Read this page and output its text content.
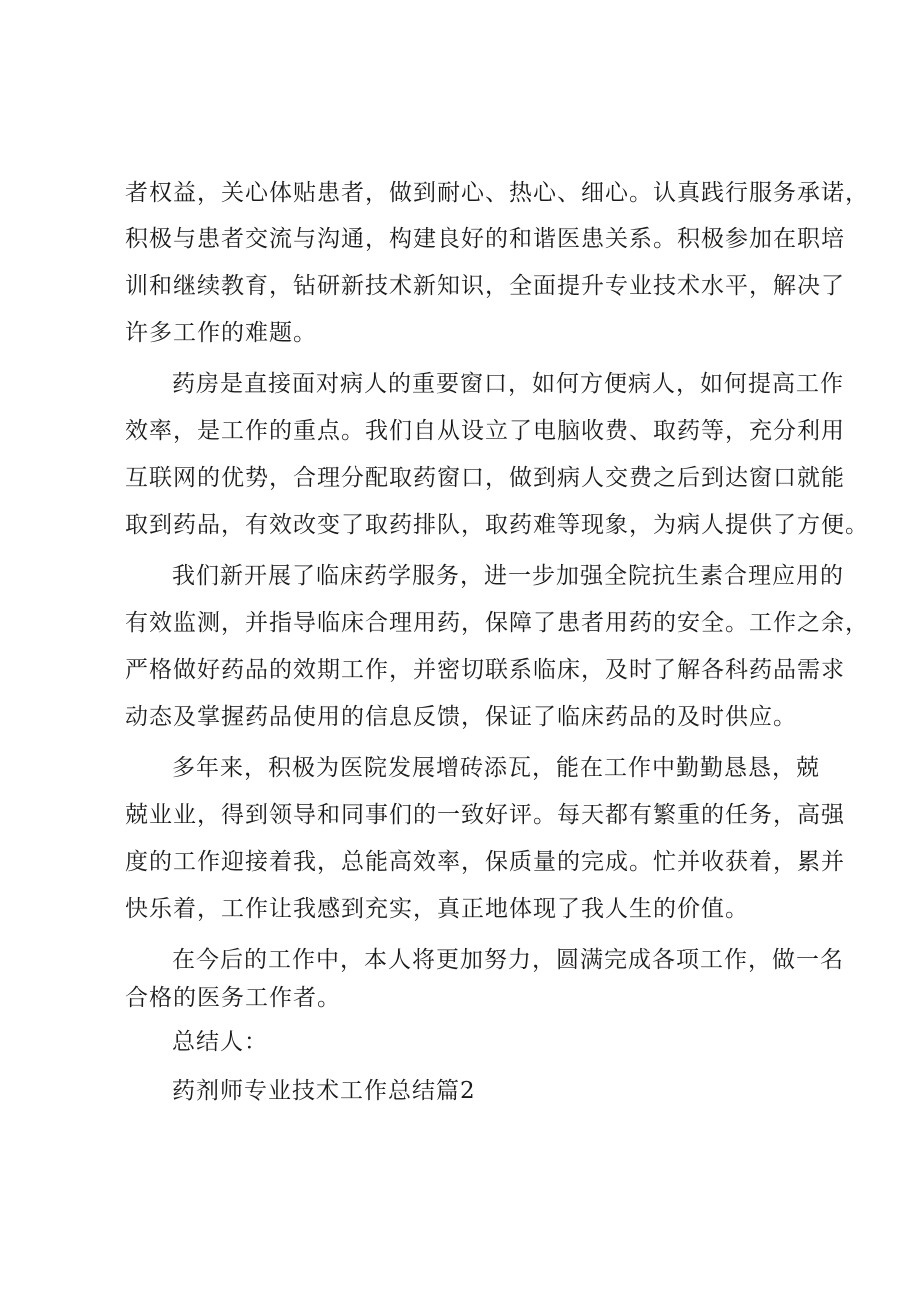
者权益，关心体贴患者，做到耐心、热心、细心。认真践行服务承诺，
积极与患者交流与沟通，构建良好的和谐医患关系。积极参加在职培
训和继续教育，钻研新技术新知识，全面提升专业技术水平，解决了
许多工作的难题。
药房是直接面对病人的重要窗口，如何方便病人，如何提高工作
效率，是工作的重点。我们自从设立了电脑收费、取药等，充分利用
互联网的优势，合理分配取药窗口，做到病人交费之后到达窗口就能
取到药品，有效改变了取药排队，取药难等现象，为病人提供了方便。
我们新开展了临床药学服务，进一步加强全院抗生素合理应用的
有效监测，并指导临床合理用药，保障了患者用药的安全。工作之余，
严格做好药品的效期工作，并密切联系临床，及时了解各科药品需求
动态及掌握药品使用的信息反馈，保证了临床药品的及时供应。
多年来，积极为医院发展增砖添瓦，能在工作中勤勤恳恳，兢
兢业业，得到领导和同事们的一致好评。每天都有繁重的任务，高强
度的工作迎接着我，总能高效率，保质量的完成。忙并收获着，累并
快乐着，工作让我感到充实，真正地体现了我人生的价值。
在今后的工作中，本人将更加努力，圆满完成各项工作，做一名
合格的医务工作者。
总结人：
药剂师专业技术工作总结篇2
